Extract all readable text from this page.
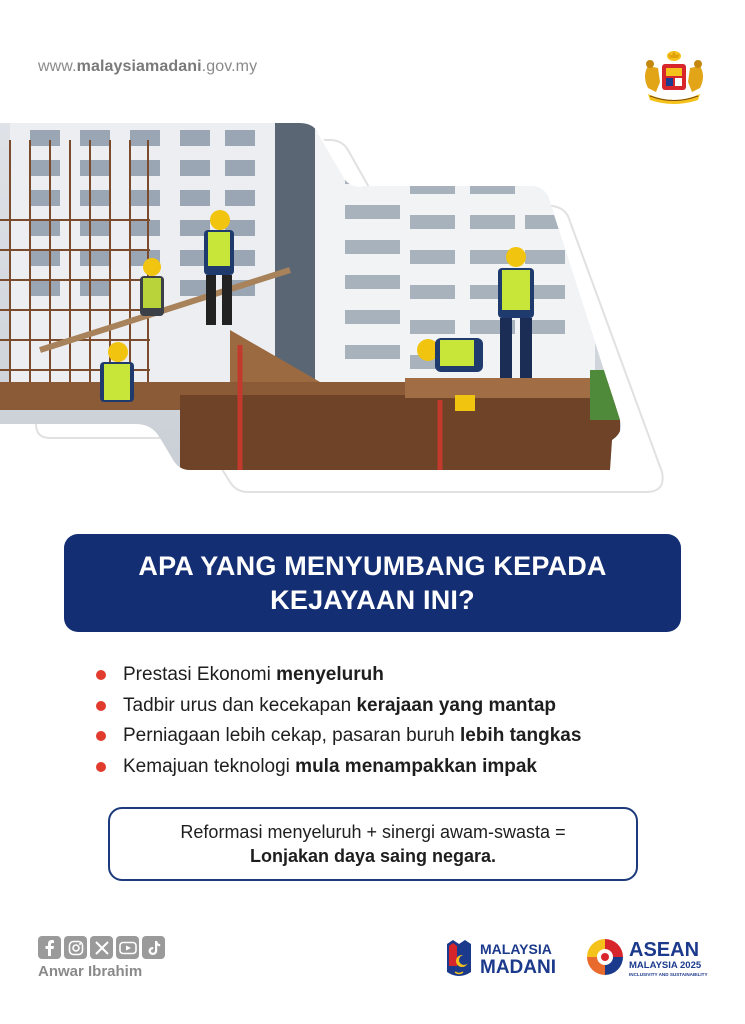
www.malaysiamadani.gov.my
APA YANG MENYUMBANG KEPADA KEJAYAAN INI?
Prestasi Ekonomi menyeluruh
Tadbir urus dan kecekapan kerajaan yang mantap
Perniagaan lebih cekap, pasaran buruh lebih tangkas
Kemajuan teknologi mula menampakkan impak
Reformasi menyeluruh + sinergi awam-swasta =
Lonjakan daya saing negara.
Anwar Ibrahim
MALAYSIA
MADANI
ASEAN
MALAYSIA 2025
INCLUSIVITY AND SUSTAINABILITY
